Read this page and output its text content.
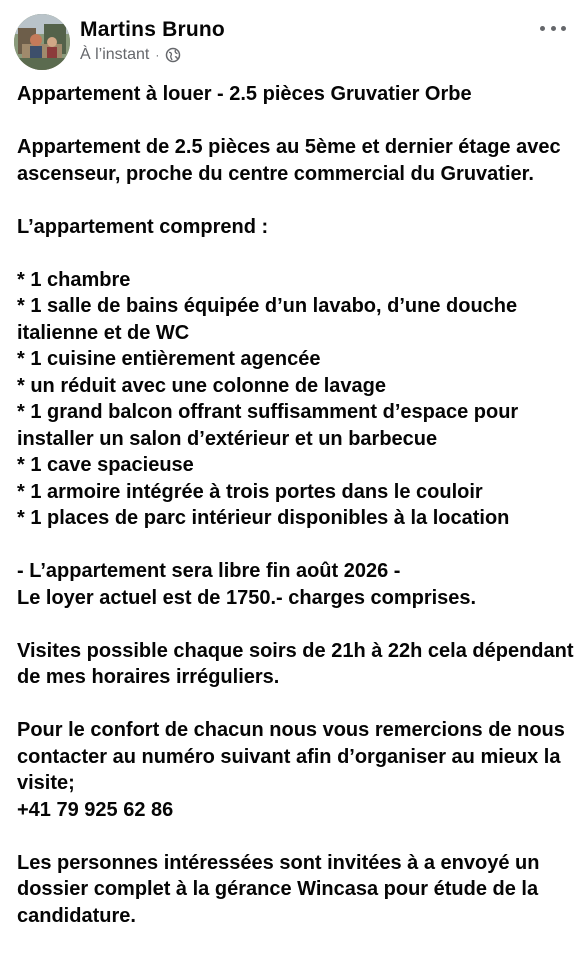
Martins Bruno
À l’instant ·

Appartement à louer - 2.5 pièces Gruvatier Orbe

Appartement de 2.5 pièces au 5ème et dernier étage avec ascenseur, proche du centre commercial du Gruvatier.

L’appartement comprend :

* 1 chambre
* 1 salle de bains équipée d’un lavabo, d’une douche italienne et de WC
* 1 cuisine entièrement agencée
* un réduit avec une colonne de lavage
* 1 grand balcon offrant suffisamment d’espace pour installer un salon d’extérieur et un barbecue
* 1 cave spacieuse
* 1 armoire intégrée à trois portes dans le couloir
* 1 places de parc intérieur disponibles à la location

- L’appartement sera libre fin août 2026 -
Le loyer actuel est de 1750.- charges comprises.

Visites possible chaque soirs de 21h à 22h cela dépendant de mes horaires irréguliers.

Pour le confort de chacun nous vous remercions de nous contacter au numéro suivant afin d’organiser au mieux la visite;
+41 79 925 62 86

Les personnes intéressées sont invitées à a envoyé un dossier complet à la gérance Wincasa pour étude de la candidature.
